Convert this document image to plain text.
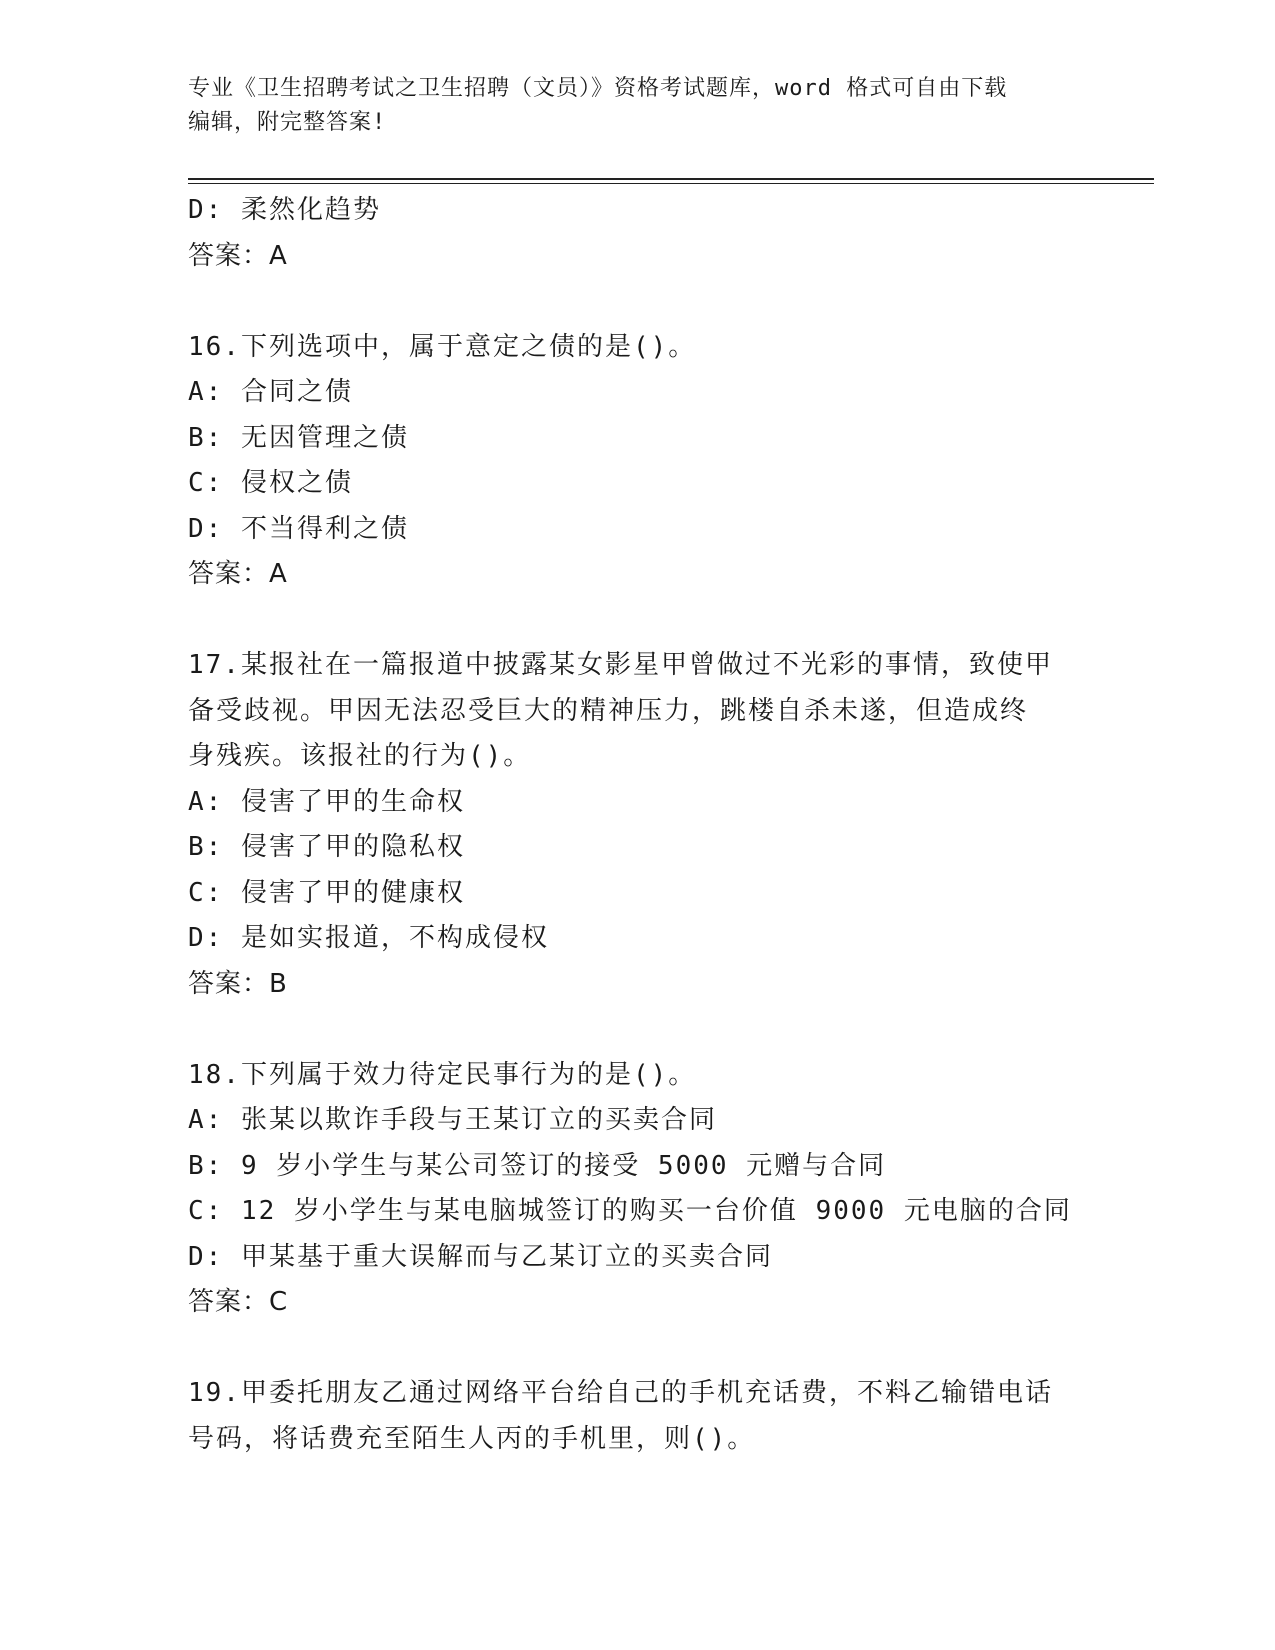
专业《卫生招聘考试之卫生招聘（文员）》资格考试题库，word 格式可自由下载
编辑，附完整答案!
D: 柔然化趋势
答案：A
16.下列选项中，属于意定之债的是()。
A: 合同之债
B: 无因管理之债
C: 侵权之债
D: 不当得利之债
答案：A
17.某报社在一篇报道中披露某女影星甲曾做过不光彩的事情，致使甲
备受歧视。甲因无法忍受巨大的精神压力，跳楼自杀未遂，但造成终
身残疾。该报社的行为()。
A: 侵害了甲的生命权
B: 侵害了甲的隐私权
C: 侵害了甲的健康权
D: 是如实报道，不构成侵权
答案：B
18.下列属于效力待定民事行为的是()。
A: 张某以欺诈手段与王某订立的买卖合同
B: 9 岁小学生与某公司签订的接受 5000 元赠与合同
C: 12 岁小学生与某电脑城签订的购买一台价值 9000 元电脑的合同
D: 甲某基于重大误解而与乙某订立的买卖合同
答案：C
19.甲委托朋友乙通过网络平台给自己的手机充话费，不料乙输错电话
号码，将话费充至陌生人丙的手机里，则()。
